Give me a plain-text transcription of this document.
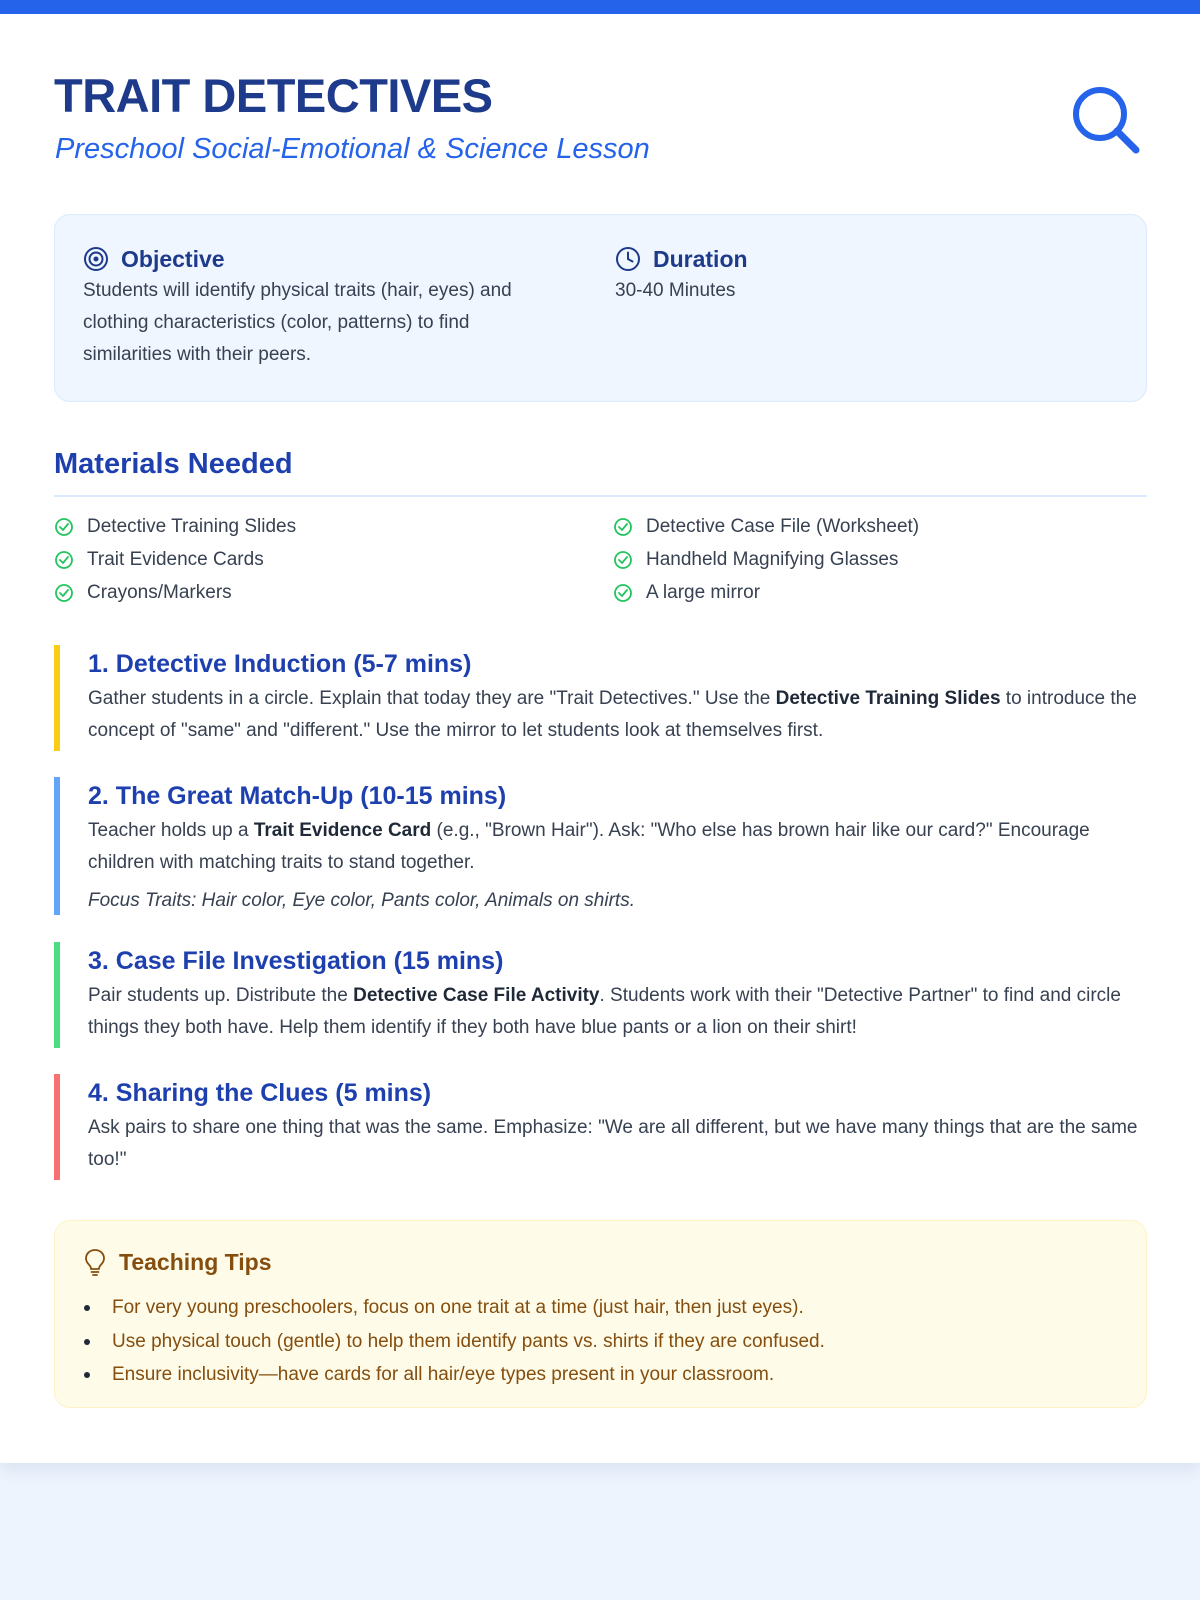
TRAIT DETECTIVES
Preschool Social-Emotional & Science Lesson
Objective
Students will identify physical traits (hair, eyes) and clothing characteristics (color, patterns) to find similarities with their peers.
Duration
30-40 Minutes
Materials Needed
Detective Training Slides
Trait Evidence Cards
Crayons/Markers
Detective Case File (Worksheet)
Handheld Magnifying Glasses
A large mirror
1. Detective Induction (5-7 mins)

Gather students in a circle. Explain that today they are "Trait Detectives." Use the Detective Training Slides to introduce the concept of "same" and "different." Use the mirror to let students look at themselves first.

2. The Great Match-Up (10-15 mins)

Teacher holds up a Trait Evidence Card (e.g., "Brown Hair"). Ask: "Who else has brown hair like our card?" Encourage children with matching traits to stand together.

Focus Traits: Hair color, Eye color, Pants color, Animals on shirts.

3. Case File Investigation (15 mins)

Pair students up. Distribute the Detective Case File Activity. Students work with their "Detective Partner" to find and circle things they both have. Help them identify if they both have blue pants or a lion on their shirt!

4. Sharing the Clues (5 mins)

Ask pairs to share one thing that was the same. Emphasize: "We are all different, but we have many things that are the same too!"

Teaching Tips
For very young preschoolers, focus on one trait at a time (just hair, then just eyes).
Use physical touch (gentle) to help them identify pants vs. shirts if they are confused.
Ensure inclusivity—have cards for all hair/eye types present in your classroom.
